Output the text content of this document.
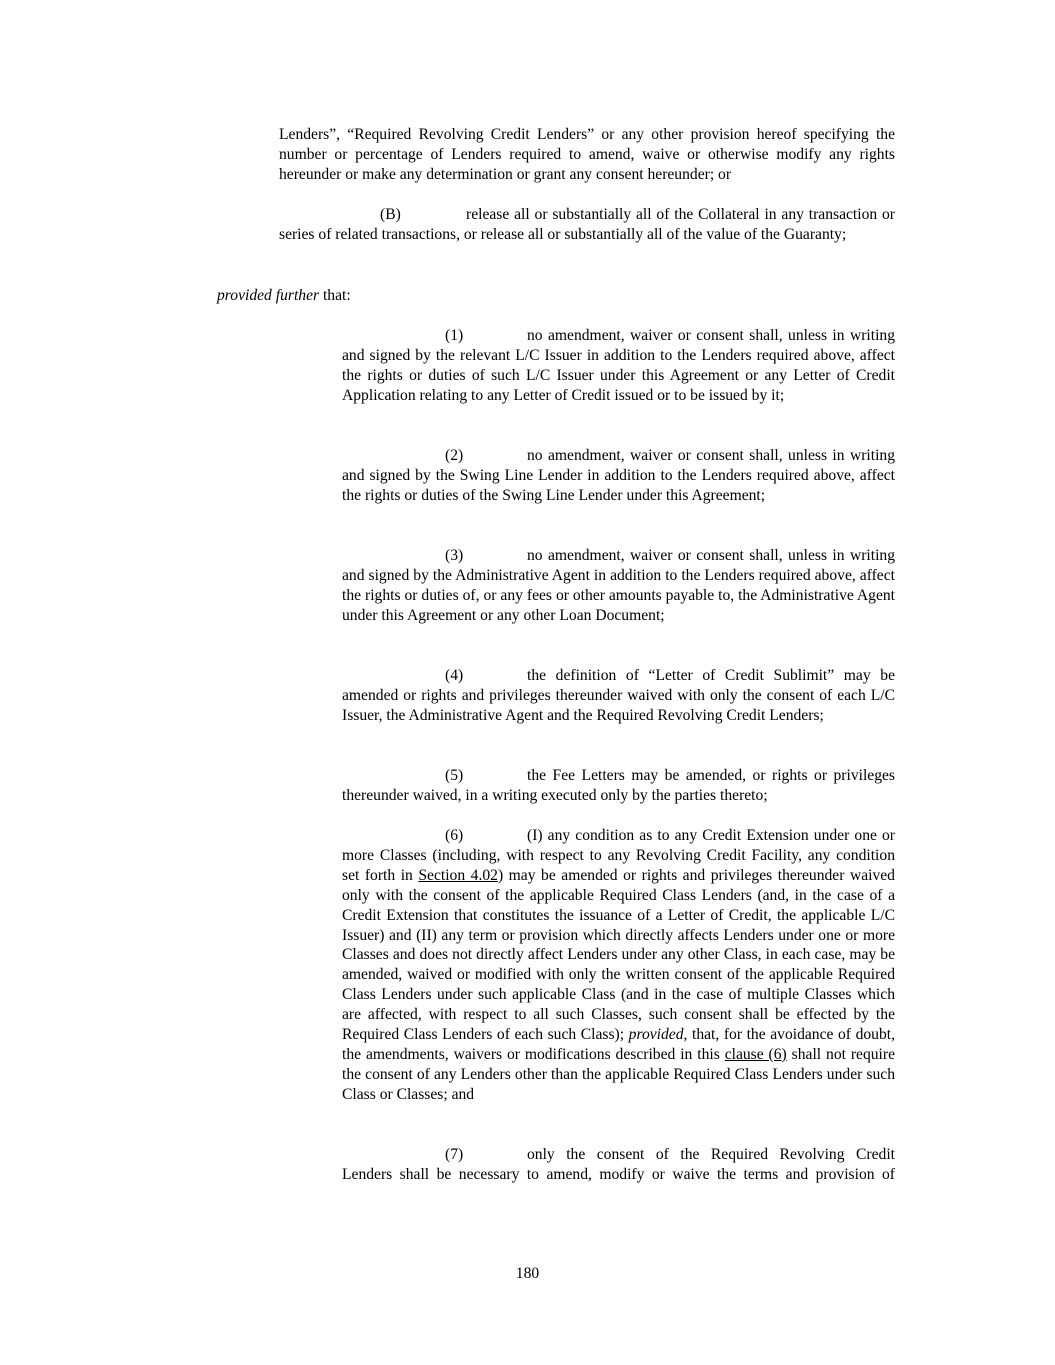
Lenders”, “Required Revolving Credit Lenders” or any other provision hereof specifying the number or percentage of Lenders required to amend, waive or otherwise modify any rights hereunder or make any determination or grant any consent hereunder; or

(B)	release all or substantially all of the Collateral in any transaction or series of related transactions, or release all or substantially all of the value of the Guaranty;

provided further that:

(1)	no amendment, waiver or consent shall, unless in writing and signed by the relevant L/C Issuer in addition to the Lenders required above, affect the rights or duties of such L/C Issuer under this Agreement or any Letter of Credit Application relating to any Letter of Credit issued or to be issued by it;

(2)	no amendment, waiver or consent shall, unless in writing and signed by the Swing Line Lender in addition to the Lenders required above, affect the rights or duties of the Swing Line Lender under this Agreement;

(3)	no amendment, waiver or consent shall, unless in writing and signed by the Administrative Agent in addition to the Lenders required above, affect the rights or duties of, or any fees or other amounts payable to, the Administrative Agent under this Agreement or any other Loan Document;

(4)	the definition of “Letter of Credit Sublimit” may be amended or rights and privileges thereunder waived with only the consent of each L/C Issuer, the Administrative Agent and the Required Revolving Credit Lenders;

(5)	the Fee Letters may be amended, or rights or privileges thereunder waived, in a writing executed only by the parties thereto;

(6)	(I) any condition as to any Credit Extension under one or more Classes (including, with respect to any Revolving Credit Facility, any condition set forth in Section 4.02) may be amended or rights and privileges thereunder waived only with the consent of the applicable Required Class Lenders (and, in the case of a Credit Extension that constitutes the issuance of a Letter of Credit, the applicable L/C Issuer) and (II) any term or provision which directly affects Lenders under one or more Classes and does not directly affect Lenders under any other Class, in each case, may be amended, waived or modified with only the written consent of the applicable Required Class Lenders under such applicable Class (and in the case of multiple Classes which are affected, with respect to all such Classes, such consent shall be effected by the Required Class Lenders of each such Class); provided, that, for the avoidance of doubt, the amendments, waivers or modifications described in this clause (6) shall not require the consent of any Lenders other than the applicable Required Class Lenders under such Class or Classes; and

(7)	only the consent of the Required Revolving Credit Lenders shall be necessary to amend, modify or waive the terms and provision of

180
